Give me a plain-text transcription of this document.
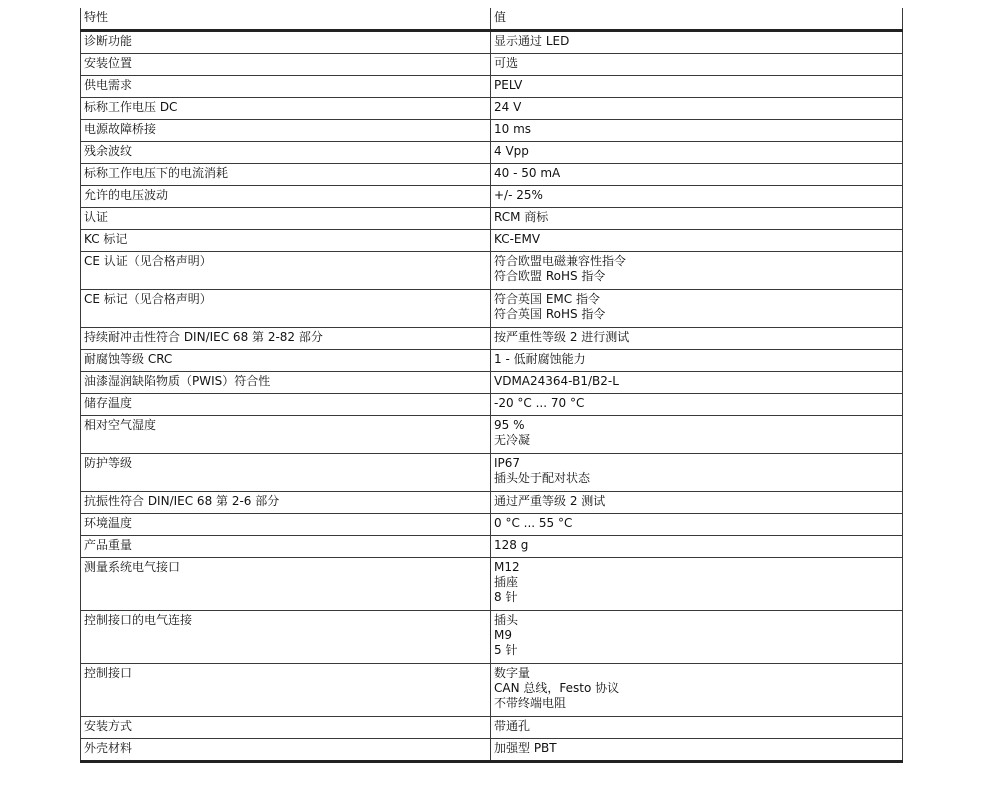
特性	值
诊断功能	显示通过 LED

安装位置	可选

供电需求	PELV

标称工作电压 DC	24 V

电源故障桥接	10 ms

残余波纹	4 Vpp

标称工作电压下的电流消耗	40 - 50 mA

允许的电压波动	+/- 25%

认证	RCM 商标

KC 标记	KC-EMV

CE 认证（见合格声明）	符合欧盟电磁兼容性指令
符合欧盟 RoHS 指令

CE 标记（见合格声明）	符合英国 EMC 指令
符合英国 RoHS 指令

持续耐冲击性符合 DIN/IEC 68 第 2-82 部分	按严重性等级 2 进行测试

耐腐蚀等级 CRC	1 - 低耐腐蚀能力

油漆湿润缺陷物质（PWIS）符合性	VDMA24364-B1/B2-L

储存温度	-20 °C ... 70 °C

相对空气湿度	95 %
无冷凝

防护等级	IP67
插头处于配对状态

抗振性符合 DIN/IEC 68 第 2-6 部分	通过严重等级 2 测试

环境温度	0 °C ... 55 °C

产品重量	128 g

测量系统电气接口	M12
插座
8 针

控制接口的电气连接	插头
M9
5 针

控制接口	数字量
CAN 总线，Festo 协议
不带终端电阻

安装方式	带通孔

外壳材料	加强型 PBT
